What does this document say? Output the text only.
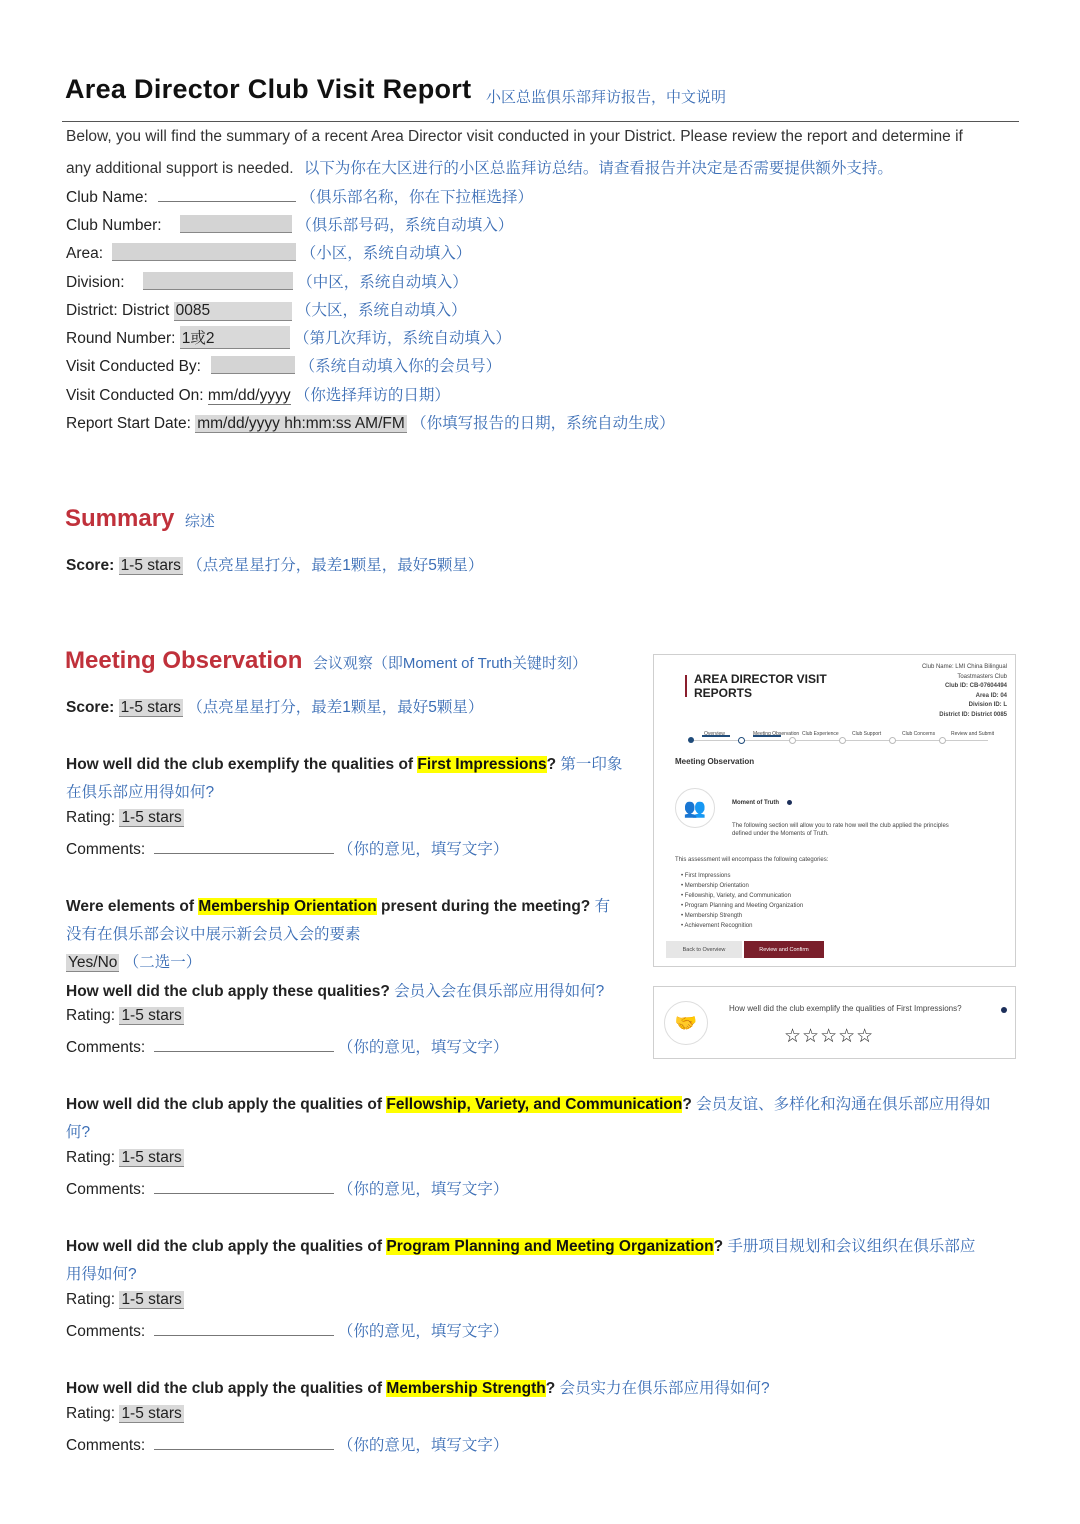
Area Director Club Visit Report 小区总监俱乐部拜访报告，中文说明
Below, you will find the summary of a recent Area Director visit conducted in your District. Please review the report and determine if
any additional support is needed. 以下为你在大区进行的小区总监拜访总结。请查看报告并决定是否需要提供额外支持。
Club Name:	（俱乐部名称，你在下拉框选择）
Club Number:	（俱乐部号码，系统自动填入）
Area:	（小区，系统自动填入）
Division:	（中区，系统自动填入）
District: District 0085	（大区，系统自动填入）
Round Number: 1或2	（第几次拜访，系统自动填入）
Visit Conducted By:	（系统自动填入你的会员号）
Visit Conducted On: mm/dd/yyyy （你选择拜访的日期）
Report Start Date: mm/dd/yyyy hh:mm:ss AM/FM （你填写报告的日期，系统自动生成）
Summary 综述
Score: 1-5 stars （点亮星星打分，最差1颗星，最好5颗星）
Meeting Observation 会议观察（即Moment of Truth关键时刻）
Score: 1-5 stars （点亮星星打分，最差1颗星，最好5颗星）
How well did the club exemplify the qualities of First Impressions? 第一印象
在俱乐部应用得如何?
Rating: 1-5 stars
Comments:	（你的意见，填写文字）
Were elements of Membership Orientation present during the meeting? 有
没有在俱乐部会议中展示新会员入会的要素
Yes/No （二选一）
How well did the club apply these qualities? 会员入会在俱乐部应用得如何?
Rating: 1-5 stars
Comments:	（你的意见，填写文字）
How well did the club apply the qualities of Fellowship, Variety, and Communication? 会员友谊、多样化和沟通在俱乐部应用得如
何?
Rating: 1-5 stars
Comments:	（你的意见，填写文字）
How well did the club apply the qualities of Program Planning and Meeting Organization? 手册项目规划和会议组织在俱乐部应
用得如何?
Rating: 1-5 stars
Comments:	（你的意见，填写文字）
How well did the club apply the qualities of Membership Strength? 会员实力在俱乐部应用得如何?
Rating: 1-5 stars
Comments:	（你的意见，填写文字）
AREA DIRECTOR VISIT
REPORTS
Club Name: LMI China Bilingual
Toastmasters Club
Club ID: CB-07604494
Area ID: 04
Division ID: L
District ID: District 0085
Overview	Meeting Observation Club Experience	Club Support	Club Concerns	Review and Submit
Meeting Observation
👥	Moment of Truth
The following section will allow you to rate how well the club applied the principles
defined under the Moments of Truth.
This assessment will encompass the following categories:
• First Impressions
• Membership Orientation
• Fellowship, Variety, and Communication
• Program Planning and Meeting Organization
• Membership Strength
• Achievement Recognition
Back to Overview	Review and Confirm
🤝
How well did the club exemplify the qualities of First Impressions?
☆☆☆☆☆
